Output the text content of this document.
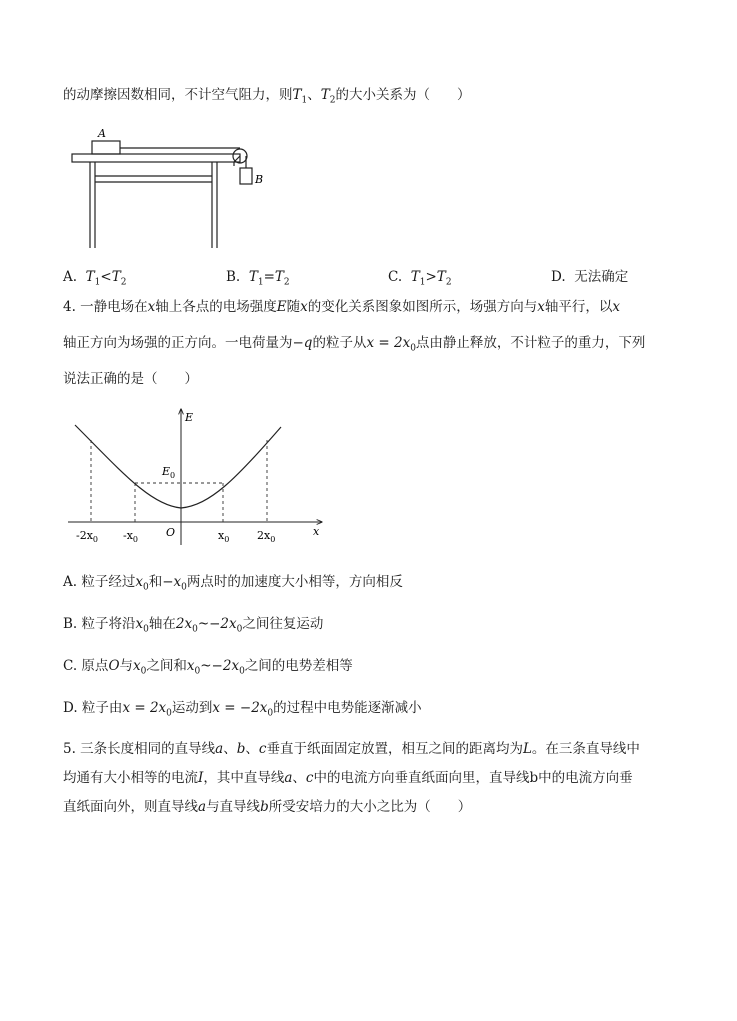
的动摩擦因数相同，不计空气阻力，则$T_1$、$T_2$的大小关系为（　　）
A
B
A. $T_1<T_2$	B. $T_1=T_2$	C. $T_1>T_2$	D. 无法确定
4. 一静电场在x轴上各点的电场强度E随x的变化关系图象如图所示，场强方向与x轴平行，以x
轴正方向为场强的正方向。一电荷量为−q的粒子从$x = 2x_0$点由静止释放，不计粒子的重力，下列
说法正确的是（　　）
E
x
$E_0$
O
$-2x_0$ $-x_0$	$x_0$	$2x_0$
A. 粒子经过$x_0$和$-x_0$两点时的加速度大小相等，方向相反
B. 粒子将沿$x_0$轴在$2x_0\sim-2x_0$之间往复运动
C. 原点O与$x_0$之间和$x_0\sim-2x_0$之间的电势差相等
D. 粒子由$x = 2x_0$运动到$x = -2x_0$的过程中电势能逐渐减小
5. 三条长度相同的直导线a、b、c垂直于纸面固定放置，相互之间的距离均为L。在三条直导线中
均通有大小相等的电流I，其中直导线a、c中的电流方向垂直纸面向里，直导线b中的电流方向垂
直纸面向外，则直导线a与直导线b所受安培力的大小之比为（　　）
